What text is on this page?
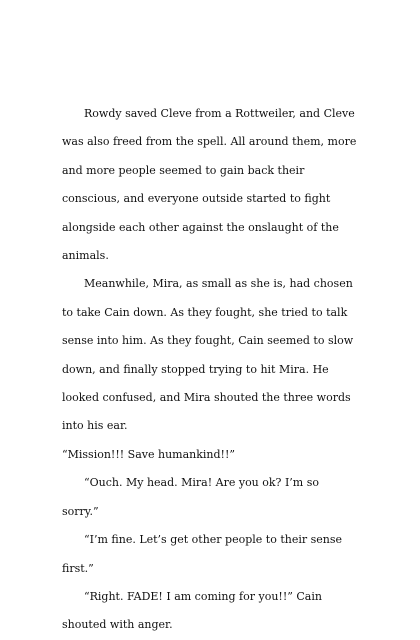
Rowdy saved Cleve from a Rottweiler, and Cleve was also freed from the spell. All around them, more and more people seemed to gain back their conscious, and everyone outside started to fight alongside each other against the onslaught of the animals.

Meanwhile, Mira, as small as she is, had chosen to take Cain down. As they fought, she tried to talk sense into him. As they fought, Cain seemed to slow down, and finally stopped trying to hit Mira. He looked confused, and Mira shouted the three words into his ear.

“Mission!!! Save humankind!!”

“Ouch. My head. Mira! Are you ok? I’m so sorry.”

“I’m fine. Let’s get other people to their sense first.”

“Right. FADE! I am coming for you!!” Cain shouted with anger.
